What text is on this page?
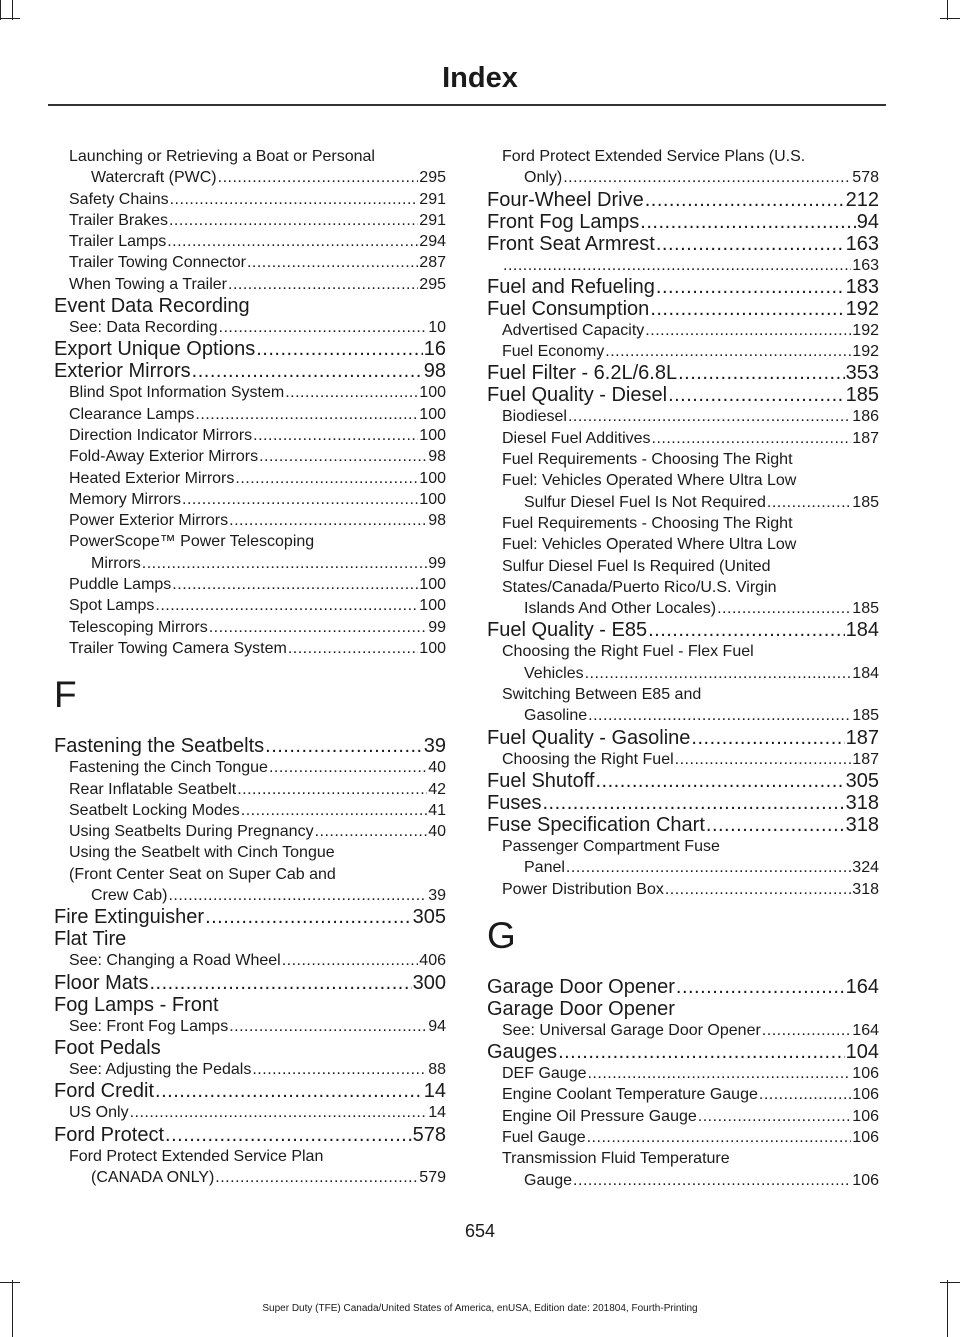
Index
Launching or Retrieving a Boat or Personal
Watercraft (PWC) .....	295
Safety Chains .....	291
Trailer Brakes .....	291
Trailer Lamps .....	294
Trailer Towing Connector .....	287
When Towing a Trailer .....	295
Event Data Recording
See: Data Recording .....	10
Export Unique Options .....	16
Exterior Mirrors .....	98
Blind Spot Information System .....	100
Clearance Lamps .....	100
Direction Indicator Mirrors .....	100
Fold-Away Exterior Mirrors .....	98
Heated Exterior Mirrors .....	100
Memory Mirrors .....	100
Power Exterior Mirrors .....	98
PowerScope™ Power Telescoping
Mirrors .....	99
Puddle Lamps .....	100
Spot Lamps .....	100
Telescoping Mirrors .....	99
Trailer Towing Camera System .....	100
F
Fastening the Seatbelts .....	39
Fastening the Cinch Tongue .....	40
Rear Inflatable Seatbelt .....	42
Seatbelt Locking Modes .....	41
Using Seatbelts During Pregnancy .....	40
Using the Seatbelt with Cinch Tongue
(Front Center Seat on Super Cab and
Crew Cab) .....	39
Fire Extinguisher .....	305
Flat Tire
See: Changing a Road Wheel .....	406
Floor Mats .....	300
Fog Lamps - Front
See: Front Fog Lamps .....	94
Foot Pedals
See: Adjusting the Pedals .....	88
Ford Credit .....	14
US Only .....	14
Ford Protect .....	578
Ford Protect Extended Service Plan
(CANADA ONLY) .....	579
Ford Protect Extended Service Plans (U.S.
Only) .....	578
Four-Wheel Drive .....	212
Front Fog Lamps .....	94
Front Seat Armrest .....	163
.....
163
Fuel and Refueling .....	183
Fuel Consumption .....	192
Advertised Capacity .....	192
Fuel Economy .....	192
Fuel Filter - 6.2L/6.8L .....	353
Fuel Quality - Diesel .....	185
Biodiesel .....	186
Diesel Fuel Additives .....	187
Fuel Requirements - Choosing The Right
Fuel: Vehicles Operated Where Ultra Low
Sulfur Diesel Fuel Is Not Required .....	185
Fuel Requirements - Choosing The Right
Fuel: Vehicles Operated Where Ultra Low
Sulfur Diesel Fuel Is Required (United
States/Canada/Puerto Rico/U.S. Virgin
Islands And Other Locales) .....	185
Fuel Quality - E85 .....	184
Choosing the Right Fuel - Flex Fuel
Vehicles .....	184
Switching Between E85 and
Gasoline .....	185
Fuel Quality - Gasoline .....	187
Choosing the Right Fuel .....	187
Fuel Shutoff .....	305
Fuses .....	318
Fuse Specification Chart .....	318
Passenger Compartment Fuse
Panel .....	324
Power Distribution Box .....	318
G
Garage Door Opener .....	164
Garage Door Opener
See: Universal Garage Door Opener .....	164
Gauges .....	104
DEF Gauge .....	106
Engine Coolant Temperature Gauge .....	106
Engine Oil Pressure Gauge .....	106
Fuel Gauge .....	106
Transmission Fluid Temperature
Gauge .....	106
654
Super Duty (TFE) Canada/United States of America, enUSA, Edition date: 201804, Fourth-Printing
